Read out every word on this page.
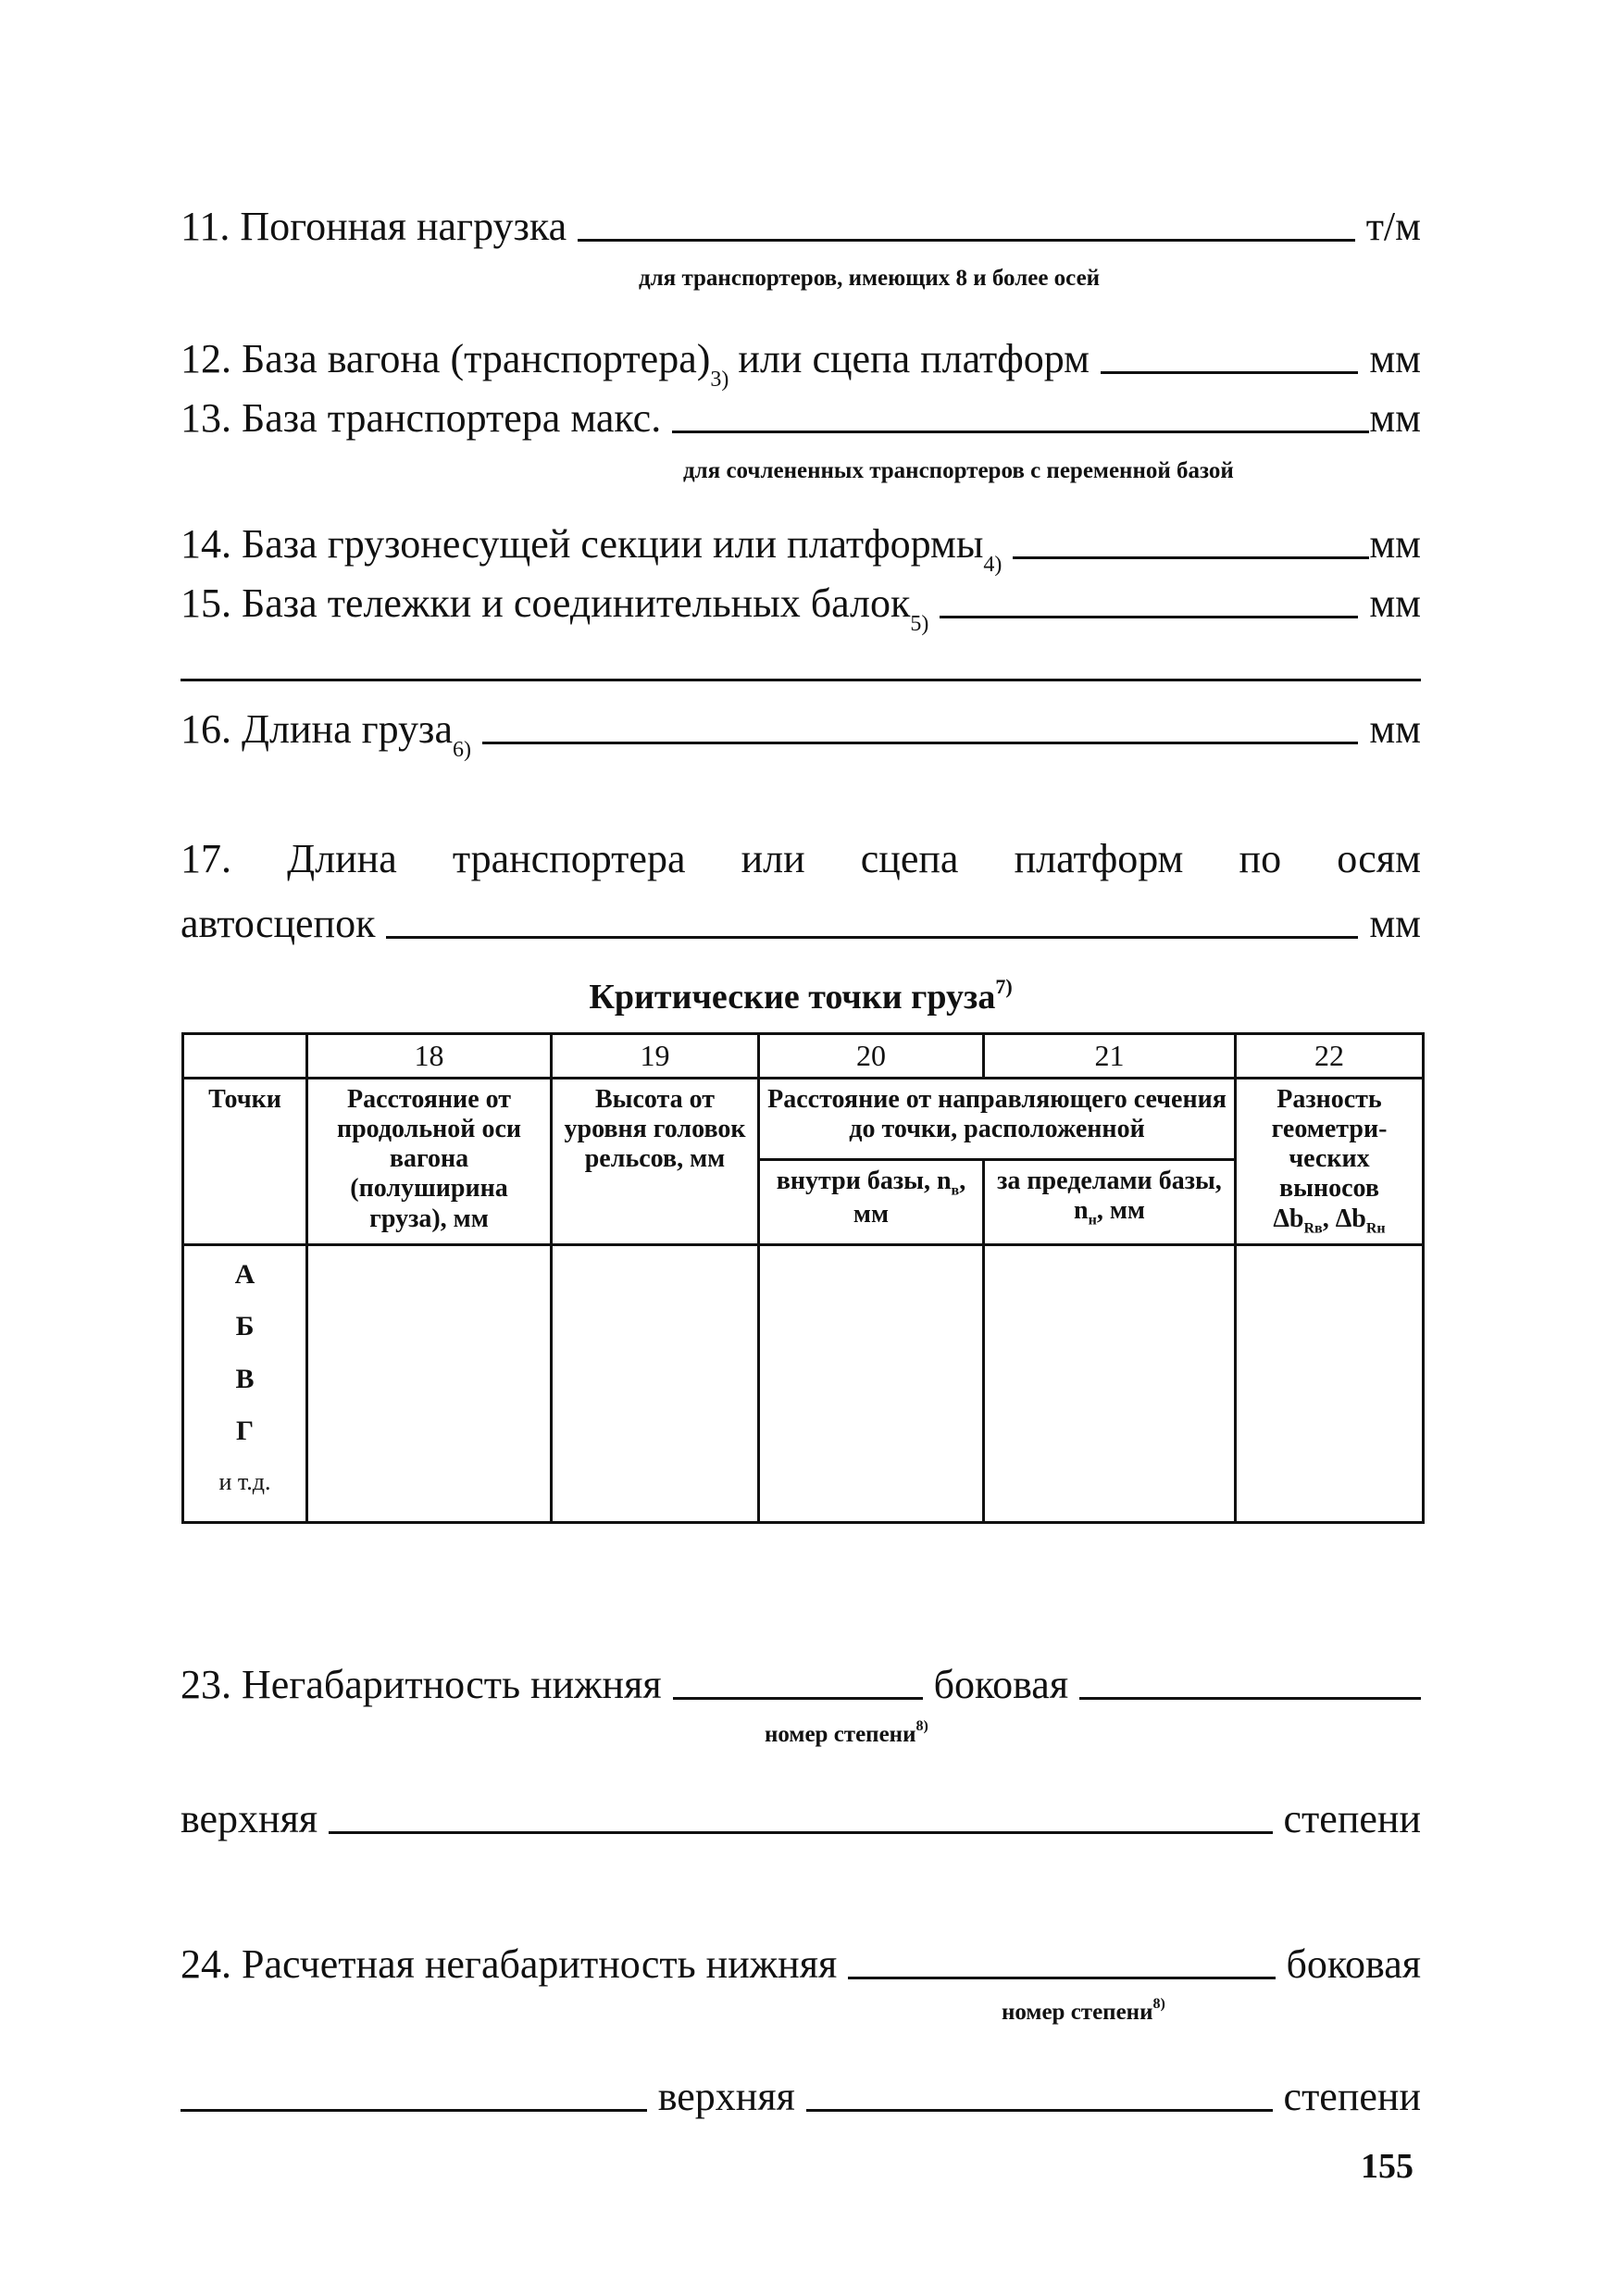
11. Погонная нагрузка	т/м
для транспортеров, имеющих 8 и более осей
12. База вагона (транспортера) 3) или сцепа платформ	мм
13. База транспортера макс.	мм
для сочлененных транспортеров с переменной базой
14. База грузонесущей секции или платформы 4)	мм
15. База тележки и соединительных балок 5)	мм
16. Длина груза 6)	мм
17. Длина транспортера или сцепа платформ по осям
автосцепок	мм
Критические точки груза$^{7)}$
	18	19	20	21	22
Точки	Расстояние от продольной оси вагона (полуширина груза), мм	Высота от уровня головок рельсов, мм	Расстояние от направляющего сечения до точки, расположенной		Разность геометри-ческих выносов
$\Delta b_{Rв}$, $\Delta b_{Rн}$
			внутри базы, $n_в$, мм	за пределами базы, $n_н$, мм	

А
Б
В
Г
и т.д.					

23. Негабаритность нижняя	боковая
номер степени$^{8)}$
верхняя	степени
24. Расчетная негабаритность нижняя	боковая
номер степени$^{8)}$
верхняя	степени
155
